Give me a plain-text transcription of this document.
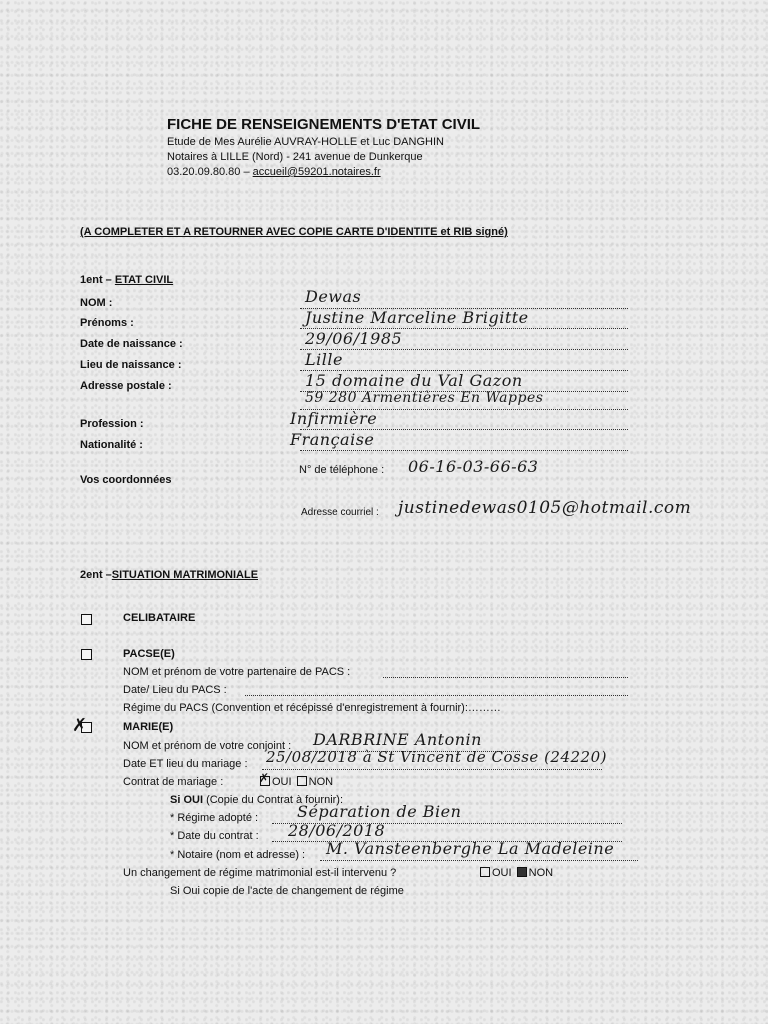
FICHE DE RENSEIGNEMENTS D'ETAT CIVIL
Etude de Mes Aurélie AUVRAY-HOLLE et Luc DANGHIN
Notaires à LILLE (Nord) - 241 avenue de Dunkerque
03.20.09.80.80 – accueil@59201.notaires.fr
(A COMPLETER ET A RETOURNER AVEC COPIE CARTE D'IDENTITE et RIB signé)
1ent – ETAT CIVIL
NOM :	Dewas
Prénoms :	Justine Marceline Brigitte
Date de naissance :	29/06/1985
Lieu de naissance :	Lille
Adresse postale :	15 domaine du Val Gazon
59 280 Armentières En Wappes
Profession :	Infirmière
Nationalité :	Française
N° de téléphone : 06-16-03-66-63
Vos coordonnées
Adresse courriel : justinedewas0105@hotmail.com
2ent –SITUATION MATRIMONIALE
CELIBATAIRE
PACSE(E)
NOM et prénom de votre partenaire de PACS :
Date/ Lieu du PACS :
Régime du PACS (Convention et récépissé d'enregistrement à fournir):………
✗	MARIE(E)
NOM et prénom de votre conjoint : DARBRINE Antonin
Date ET lieu du mariage : 25/08/2018 à St Vincent de Cosse (24220)
Contrat de mariage :	✗ OUI NON
Si OUI (Copie du Contrat à fournir):
* Régime adopté : Séparation de Bien
* Date du contrat : 28/06/2018
* Notaire (nom et adresse) : M. Vansteenberghe La Madeleine
Un changement de régime matrimonial est-il intervenu ?	OUI NON
Si Oui copie de l'acte de changement de régime
